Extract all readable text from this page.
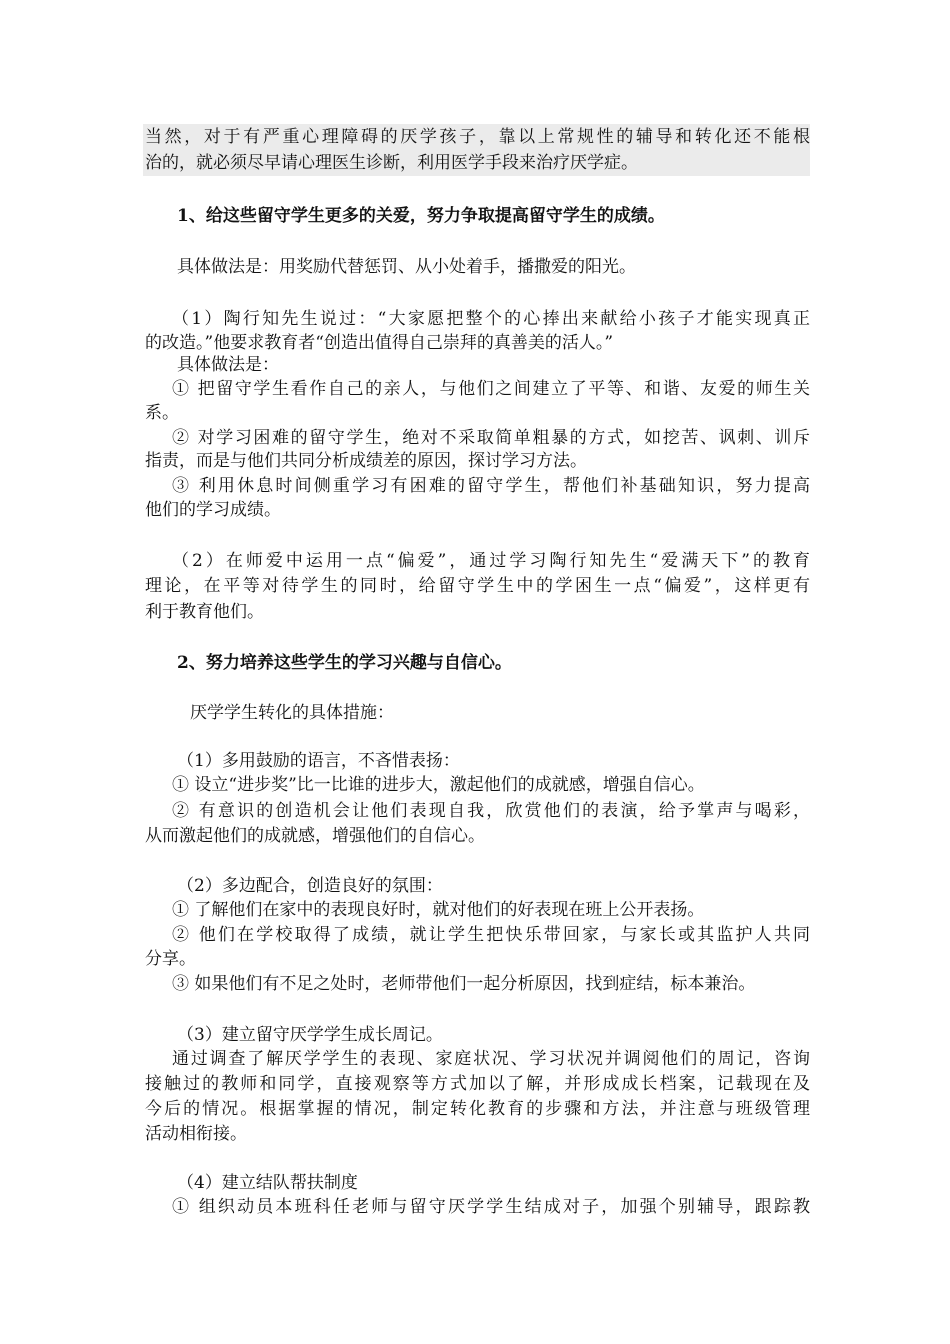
当然，对于有严重心理障碍的厌学孩子，靠以上常规性的辅导和转化还不能根
治的，就必须尽早请心理医生诊断，利用医学手段来治疗厌学症。
1、给这些留守学生更多的关爱，努力争取提高留守学生的成绩。
具体做法是：用奖励代替惩罚、从小处着手，播撒爱的阳光。
（1）陶行知先生说过：“大家愿把整个的心捧出来献给小孩子才能实现真正
的改造。”他要求教育者“创造出值得自己崇拜的真善美的活人。”
具体做法是：
① 把留守学生看作自己的亲人，与他们之间建立了平等、和谐、友爱的师生关
系。
② 对学习困难的留守学生，绝对不采取简单粗暴的方式，如挖苦、讽刺、训斥
指责，而是与他们共同分析成绩差的原因，探讨学习方法。
③ 利用休息时间侧重学习有困难的留守学生，帮他们补基础知识，努力提高
他们的学习成绩。
（2）在师爱中运用一点“偏爱”，通过学习陶行知先生“爱满天下”的教育
理论，在平等对待学生的同时，给留守学生中的学困生一点“偏爱”，这样更有
利于教育他们。
2、努力培养这些学生的学习兴趣与自信心。
厌学学生转化的具体措施：
（1）多用鼓励的语言，不吝惜表扬：
① 设立“进步奖”比一比谁的进步大，激起他们的成就感，增强自信心。
② 有意识的创造机会让他们表现自我，欣赏他们的表演，给予掌声与喝彩，
从而激起他们的成就感，增强他们的自信心。
（2）多边配合，创造良好的氛围：
① 了解他们在家中的表现良好时，就对他们的好表现在班上公开表扬。
② 他们在学校取得了成绩，就让学生把快乐带回家，与家长或其监护人共同
分享。
③ 如果他们有不足之处时，老师带他们一起分析原因，找到症结，标本兼治。
（3）建立留守厌学学生成长周记。
通过调查了解厌学学生的表现、家庭状况、学习状况并调阅他们的周记，咨询
接触过的教师和同学，直接观察等方式加以了解，并形成成长档案，记载现在及
今后的情况。根据掌握的情况，制定转化教育的步骤和方法，并注意与班级管理
活动相衔接。
（4）建立结队帮扶制度
① 组织动员本班科任老师与留守厌学学生结成对子，加强个别辅导，跟踪教
